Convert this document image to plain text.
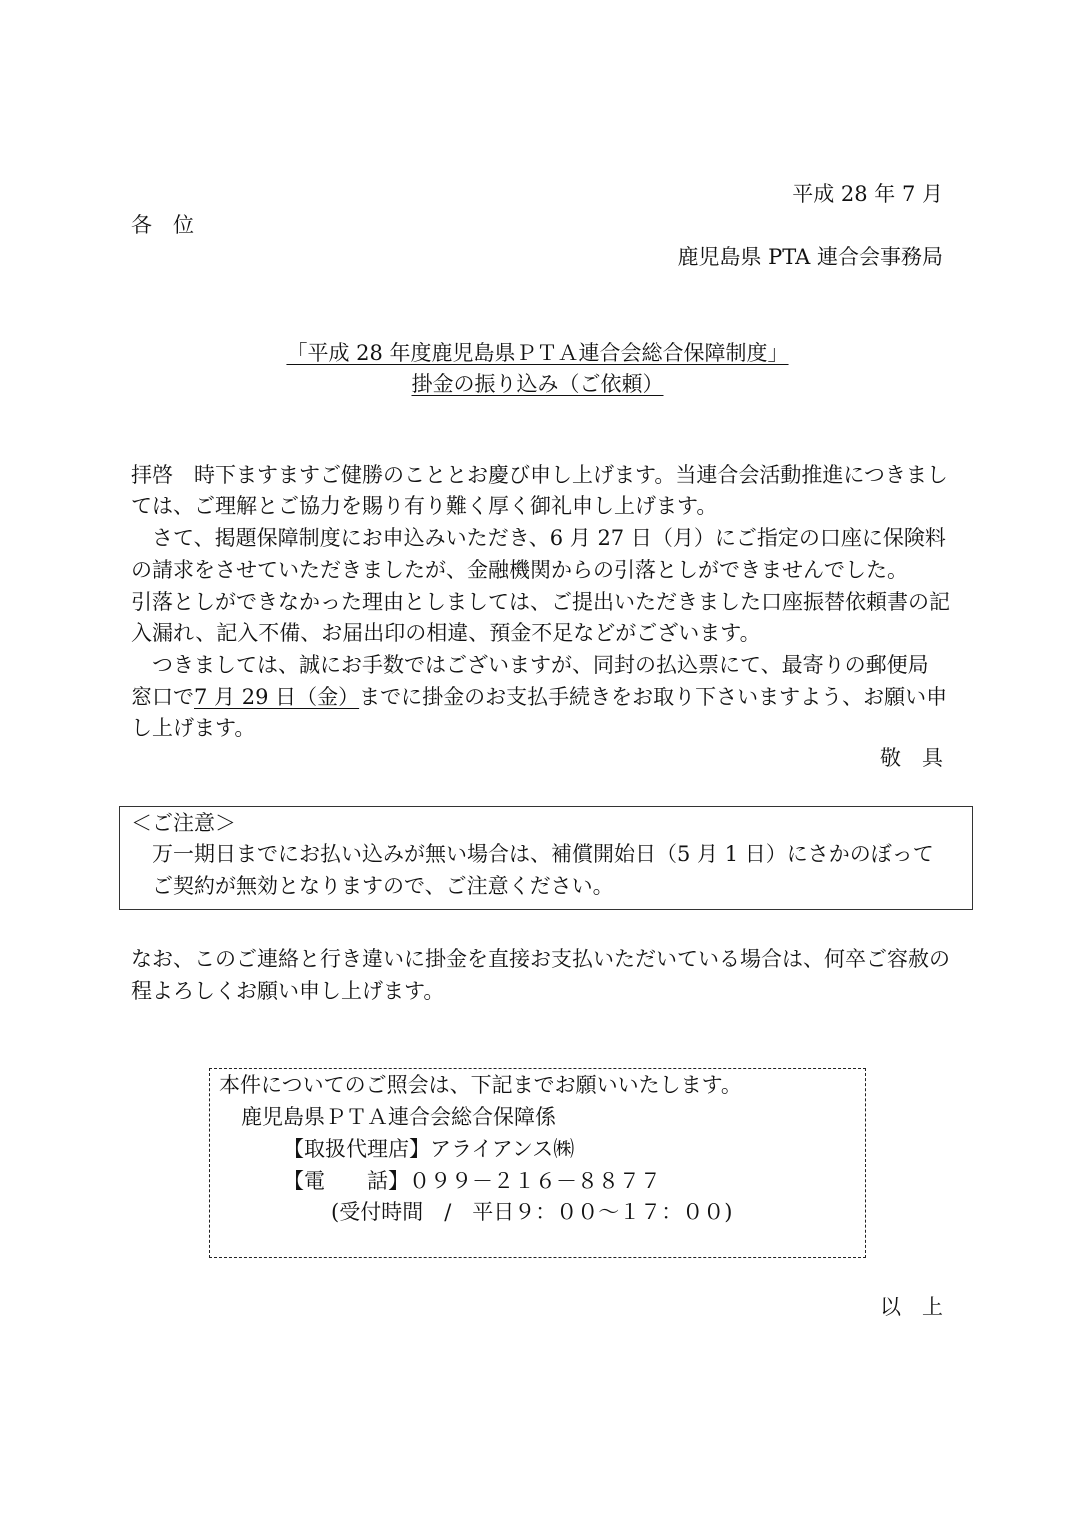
平成 28 年 7 月
各　位
鹿児島県 PTA 連合会事務局
「平成 28 年度鹿児島県ＰＴＡ連合会総合保障制度」
掛金の振り込み（ご依頼）
拝啓　時下ますますご健勝のこととお慶び申し上げます。当連合会活動推進につきまし
ては、ご理解とご協力を賜り有り難く厚く御礼申し上げます。
　さて、掲題保障制度にお申込みいただき、6 月 27 日（月）にご指定の口座に保険料
の請求をさせていただきましたが、金融機関からの引落としができませんでした。
引落としができなかった理由としましては、ご提出いただきました口座振替依頼書の記
入漏れ、記入不備、お届出印の相違、預金不足などがございます。
　つきましては、誠にお手数ではございますが、同封の払込票にて、最寄りの郵便局
窓口で7 月 29 日（金）までに掛金のお支払手続きをお取り下さいますよう、お願い申
し上げます。
敬　具
＜ご注意＞
万一期日までにお払い込みが無い場合は、補償開始日（5 月 1 日）にさかのぼって
ご契約が無効となりますので、ご注意ください。
なお、このご連絡と行き違いに掛金を直接お支払いただいている場合は、何卒ご容赦の
程よろしくお願い申し上げます。
本件についてのご照会は、下記までお願いいたします。
鹿児島県ＰＴＡ連合会総合保障係
【取扱代理店】アライアンス㈱
【電　　話】０９９－２１６－８８７７
(受付時間　/　平日９：００～１７：００)
以　上
